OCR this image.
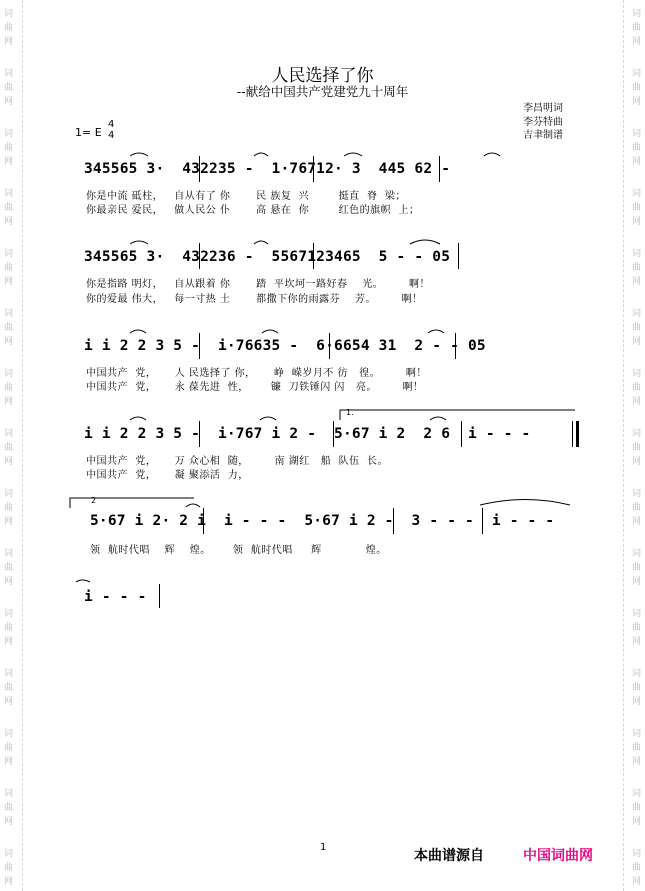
词
曲
网
词
曲
网
词
曲
网
词
曲
网
词
曲
网
词
曲
网
词
曲
网
词
曲
网
词
曲
网
词
曲
网
词
曲
网
词
曲
网
词
曲
网
词
曲
网
词
曲
网
词
曲
网
词
曲
网
词
曲
网
词
曲
网
词
曲
网
词
曲
网
词
曲
网
词
曲
网
词
曲
网
词
曲
网
词
曲
网
词
曲
网
词
曲
网
词
曲
网
词
曲
网
人民选择了你
--献给中国共产党建党九十周年
李昌明词
李芬特曲
吉聿制谱
1= E
4
4
345565 3·  432235 -  1·76712· 3  445 62 -
你是中流 砥柱，   自从有了 你       民 族复  兴        挺直  脊  梁；
你最亲民 爱民，   做人民公 仆       高 悬在  你        红色的旗帜  上；
345565 3·  432236 -  5567123465  5 - - 05
你是指路 明灯，   自从跟着 你       踏  平坎坷一路好春    光。       啊！
你的爱最 伟大，   每一寸热 土       都撒下你的雨露芬    芳。       啊！
i i 2 2 3 5 -  i·76635 -  6·6654 31  2 - - 05
中国共产  党，     人 民选择了 你，     峥  嵘岁月不 彷   徨。       啊！
中国共产  党，     永 葆先进  性，      镰  刀铁锤闪 闪   亮。       啊！
i i 2 2 3 5 -  i·767 i 2 -  5·67 i 2  2 6  i - - -
中国共产  党，     万 众心相  随，       南 湖红   船  队伍  长。
中国共产  党，     凝 聚添活  力，
1.
5·67 i 2· 2 i  i - - -  5·67 i 2 -  3 - - -  i - - -
领  航时代唱    辉    煌。      领  航时代唱     辉            煌。
2
i - - -
1
本曲谱源自	中国词曲网
